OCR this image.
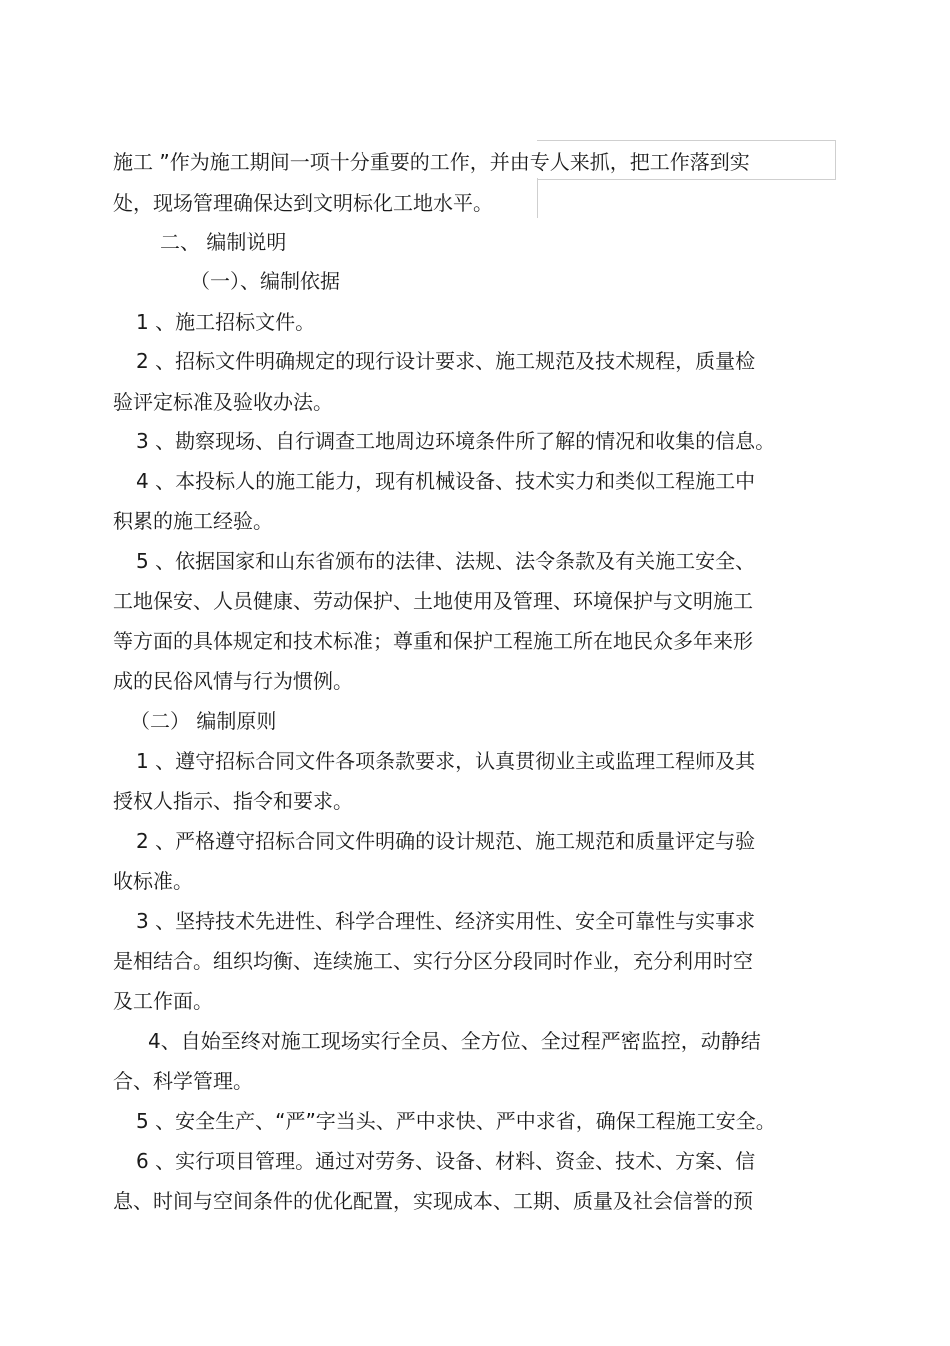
施工 ”作为施工期间一项十分重要的工作，并由专人来抓，把工作落到实
处，现场管理确保达到文明标化工地水平。
二、 编制说明
（一）、编制依据
1 、施工招标文件。
2 、招标文件明确规定的现行设计要求、施工规范及技术规程，质量检
验评定标准及验收办法。
3 、勘察现场、自行调查工地周边环境条件所了解的情况和收集的信息。
4 、本投标人的施工能力，现有机械设备、技术实力和类似工程施工中
积累的施工经验。
5 、依据国家和山东省颁布的法律、法规、法令条款及有关施工安全、
工地保安、人员健康、劳动保护、土地使用及管理、环境保护与文明施工
等方面的具体规定和技术标准；尊重和保护工程施工所在地民众多年来形
成的民俗风情与行为惯例。
（二） 编制原则
1 、遵守招标合同文件各项条款要求，认真贯彻业主或监理工程师及其
授权人指示、指令和要求。
2 、严格遵守招标合同文件明确的设计规范、施工规范和质量评定与验
收标准。
3 、坚持技术先进性、科学合理性、经济实用性、安全可靠性与实事求
是相结合。组织均衡、连续施工、实行分区分段同时作业，充分利用时空
及工作面。
4、自始至终对施工现场实行全员、全方位、全过程严密监控，动静结
合、科学管理。
5 、安全生产、“严”字当头、严中求快、严中求省，确保工程施工安全。
6 、实行项目管理。通过对劳务、设备、材料、资金、技术、方案、信
息、时间与空间条件的优化配置，实现成本、工期、质量及社会信誉的预
